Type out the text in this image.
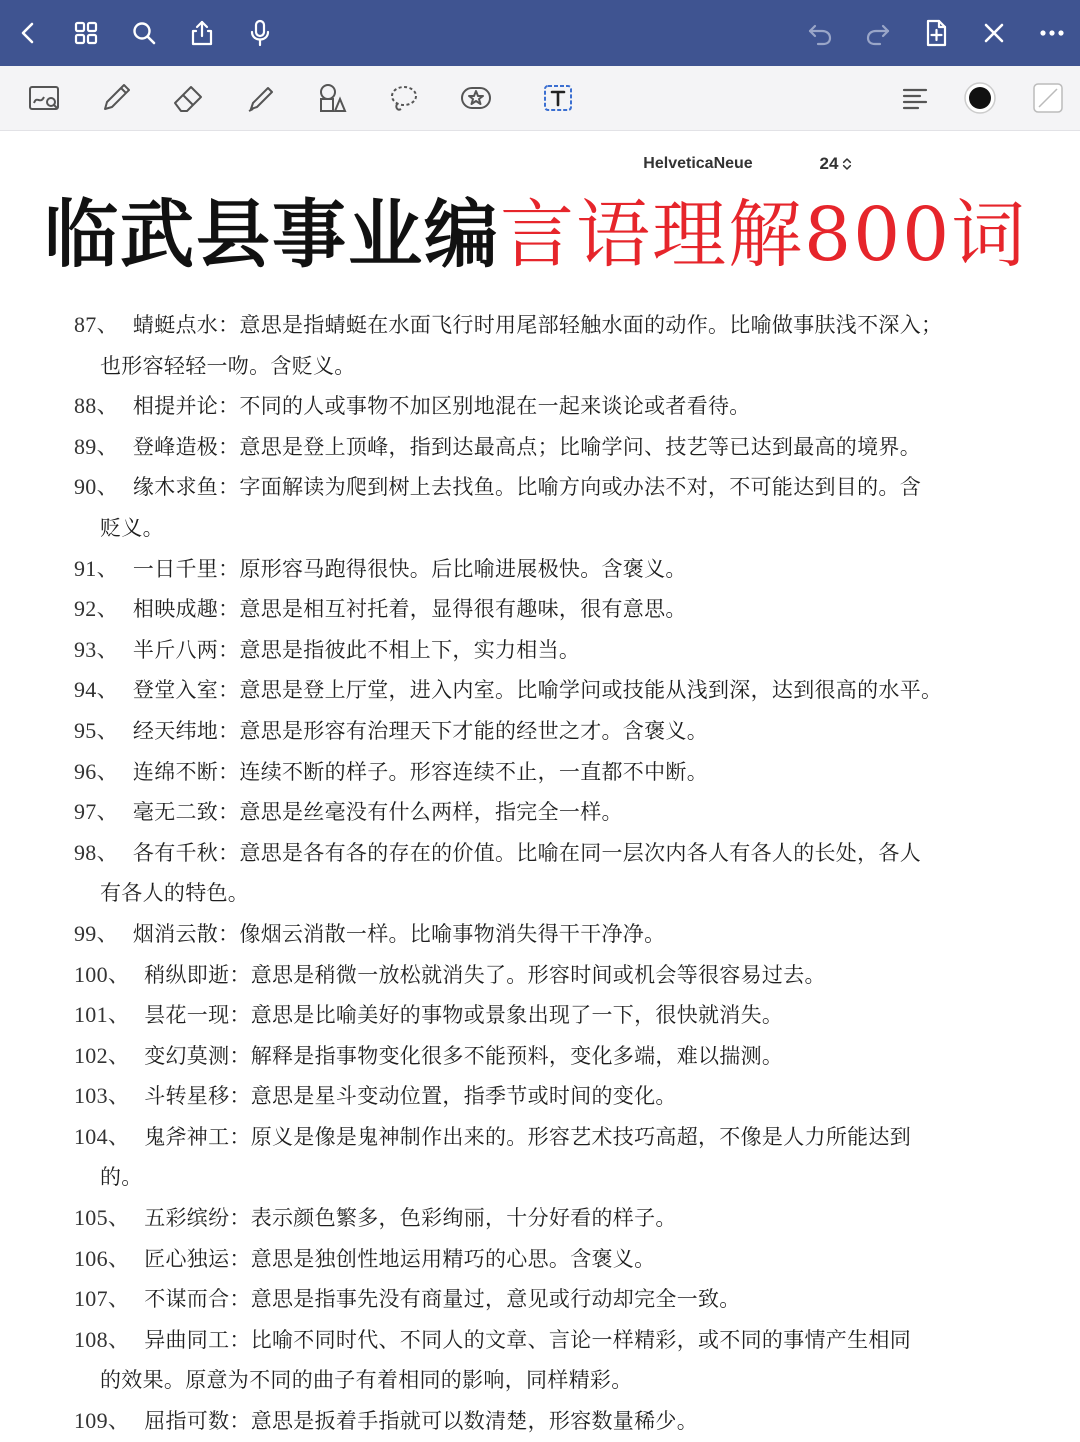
HelveticaNeue	24
临武县事业编言语理解800词
87、 蜻蜓点水：意思是指蜻蜓在水面飞行时用尾部轻触水面的动作。比喻做事肤浅不深入；
也形容轻轻一吻。含贬义。
88、 相提并论：不同的人或事物不加区别地混在一起来谈论或者看待。
89、 登峰造极：意思是登上顶峰，指到达最高点；比喻学问、技艺等已达到最高的境界。
90、 缘木求鱼：字面解读为爬到树上去找鱼。比喻方向或办法不对，不可能达到目的。含
贬义。
91、 一日千里：原形容马跑得很快。后比喻进展极快。含褒义。
92、 相映成趣：意思是相互衬托着，显得很有趣味，很有意思。
93、 半斤八两：意思是指彼此不相上下，实力相当。
94、 登堂入室：意思是登上厅堂，进入内室。比喻学问或技能从浅到深，达到很高的水平。
95、 经天纬地：意思是形容有治理天下才能的经世之才。含褒义。
96、 连绵不断：连续不断的样子。形容连续不止，一直都不中断。
97、 毫无二致：意思是丝毫没有什么两样，指完全一样。
98、 各有千秋：意思是各有各的存在的价值。比喻在同一层次内各人有各人的长处，各人
有各人的特色。
99、 烟消云散：像烟云消散一样。比喻事物消失得干干净净。
100、 稍纵即逝：意思是稍微一放松就消失了。形容时间或机会等很容易过去。
101、 昙花一现：意思是比喻美好的事物或景象出现了一下，很快就消失。
102、 变幻莫测：解释是指事物变化很多不能预料，变化多端，难以揣测。
103、 斗转星移：意思是星斗变动位置，指季节或时间的变化。
104、 鬼斧神工：原义是像是鬼神制作出来的。形容艺术技巧高超，不像是人力所能达到
的。
105、 五彩缤纷：表示颜色繁多，色彩绚丽，十分好看的样子。
106、 匠心独运：意思是独创性地运用精巧的心思。含褒义。
107、 不谋而合：意思是指事先没有商量过，意见或行动却完全一致。
108、 异曲同工：比喻不同时代、不同人的文章、言论一样精彩，或不同的事情产生相同
的效果。原意为不同的曲子有着相同的影响，同样精彩。
109、 屈指可数：意思是扳着手指就可以数清楚，形容数量稀少。
